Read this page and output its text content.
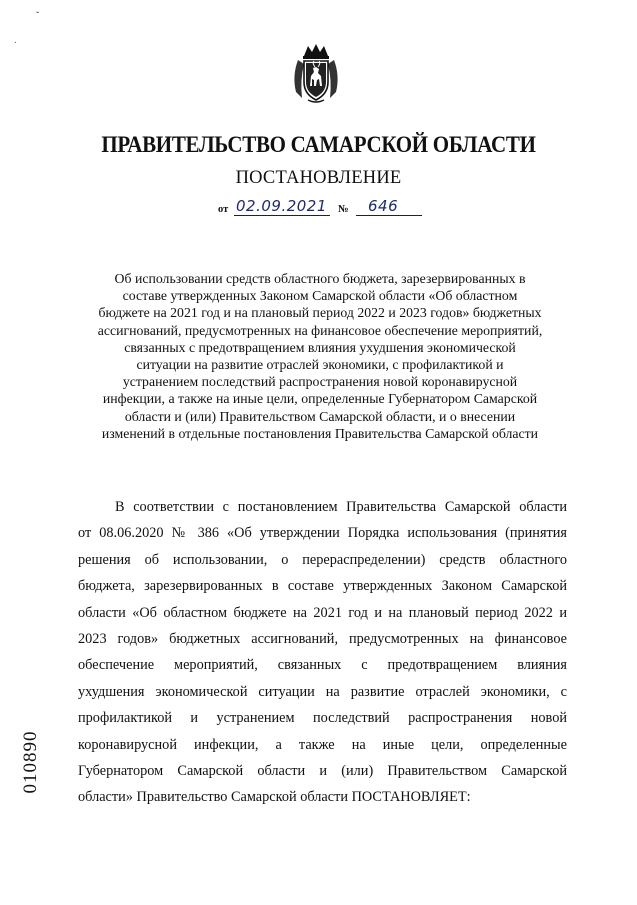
ˇ
ˑ
ПРАВИТЕЛЬСТВО САМАРСКОЙ ОБЛАСТИ
ПОСТАНОВЛЕНИЕ
от 02.09.2021 № 646
Об использовании средств областного бюджета, зарезервированных в
составе утвержденных Законом Самарской области «Об областном
бюджете на 2021 год и на плановый период 2022 и 2023 годов» бюджетных
ассигнований, предусмотренных на финансовое обеспечение мероприятий,
связанных с предотвращением влияния ухудшения экономической
ситуации на развитие отраслей экономики, с профилактикой и
устранением последствий распространения новой коронавирусной
инфекции, а также на иные цели, определенные Губернатором Самарской
области и (или) Правительством Самарской области, и о внесении
изменений в отдельные постановления Правительства Самарской области
В соответствии с постановлением Правительства Самарской области
от 08.06.2020 № 386 «Об утверждении Порядка использования (принятия
решения об использовании, о перераспределении) средств областного
бюджета, зарезервированных в составе утвержденных Законом Самарской
области «Об областном бюджете на 2021 год и на плановый период 2022 и
2023 годов» бюджетных ассигнований, предусмотренных на финансовое
обеспечение мероприятий, связанных с предотвращением влияния
ухудшения экономической ситуации на развитие отраслей экономики, с
профилактикой и устранением последствий распространения новой
коронавирусной инфекции, а также на иные цели, определенные
Губернатором Самарской области и (или) Правительством Самарской
области» Правительство Самарской области ПОСТАНОВЛЯЕТ:
010890
